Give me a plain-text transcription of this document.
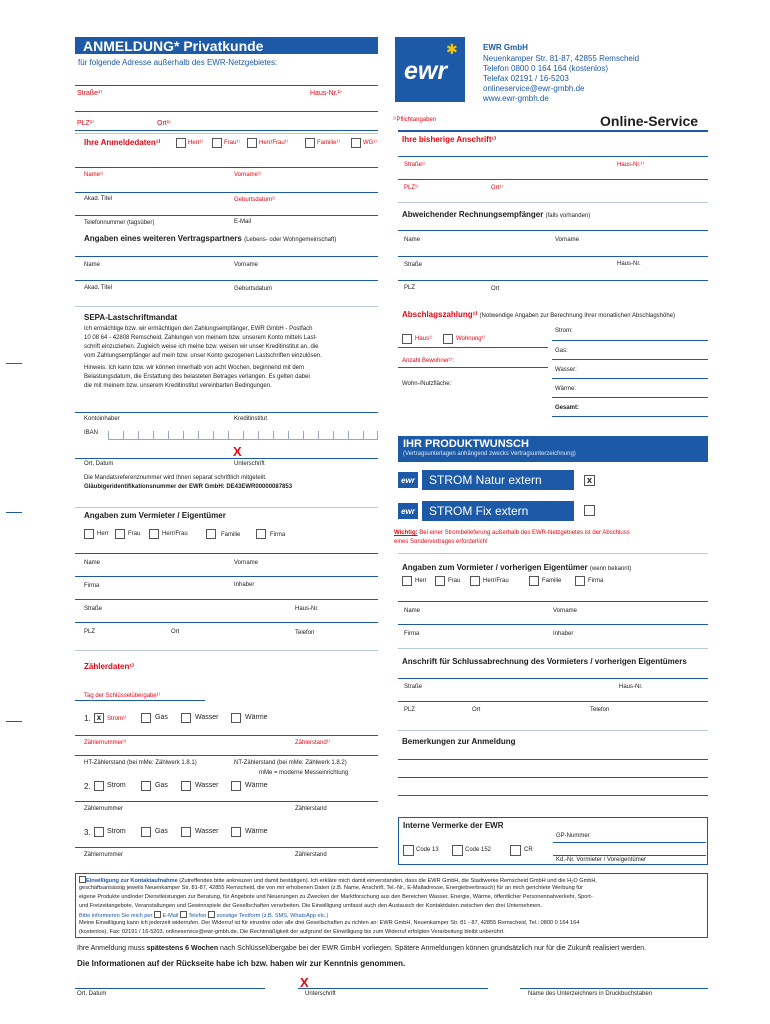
ANMELDUNG* Privatkunde
für folgende Adresse außerhalb des EWR-Netzgebietes:	ewr
✱	EWR GmbH
Neuenkamper Str. 81-87, 42855 Remscheid
Telefon 0800 0 164 164 (kostenlos)
Telefax 02191 / 16-5203
onlineservice@ewr-gmbh.de
www.ewr-gmbh.de
Straße¹⁾	Haus-Nr.¹⁾
PLZ¹⁾	Ort¹⁾	¹⁾Pflichtangaben	Online-Service
Ihre Anmeldedaten¹⁾	Herr¹⁾	Frau¹⁾	Herr/Frau¹⁾	Familie¹⁾	WG¹⁾
Name¹⁾	Vorname¹⁾
Akad. Titel	Geburtsdatum¹⁾
Telefonnummer (tagsüber)	E-Mail
Angaben eines weiteren Vertragspartners (Lebens- oder Wohngemeinschaft)
Name	Vorname
Akad. Titel	Geburtsdatum
Ihre bisherige Anschrift¹⁾
Straße¹⁾	Haus-Nr.¹⁾
PLZ¹⁾	Ort¹⁾
Abweichender Rechnungsempfänger (falls vorhanden)
Name	Vorname
Straße	Haus-Nr.
PLZ	Ort
SEPA-Lastschriftmandat
Ich ermächtige bzw. wir ermächtigen den Zahlungsempfänger, EWR GmbH - Postfach
10 08 64 - 42808 Remscheid, Zahlungen von meinem bzw. unserem Konto mittels Last-
schrift einzuziehen. Zugleich weise ich meine bzw. weisen wir unser Kreditinstitut an, die
vom Zahlungsempfänger auf mein bzw. unser Konto gezogenen Lastschriften einzulösen.
Hinweis: Ich kann bzw. wir können innerhalb von acht Wochen, beginnend mit dem
Belastungsdatum, die Erstattung des belasteten Betrages verlangen. Es gelten dabei
die mit meinem bzw. unserem Kreditinstitut vereinbarten Bedingungen.
Kontoinhaber	Kreditinstitut
IBAN
X
Ort, Datum	Unterschrift
Die Mandatsreferenznummer wird Ihnen separat schriftlich mitgeteilt.
Gläubigeridentifikationsnummer der EWR GmbH: DE43EWR00000087853
Abschlagszahlung¹⁾ (Notwendige Angaben zur Berechnung Ihrer monatlichen Abschlagshöhe)
Haus¹⁾	Wohnung¹⁾
Anzahl Bewohner¹⁾:
Wohn-/Nutzfläche:
Strom:
Gas:
Wasser:
Wärme:
Gesamt:
IHR PRODUKTWUNSCH
(Vertragsunterlagen anhängend zwecks Vertragsunterzeichnung)
ewr STROM Natur extern	x
ewr STROM Fix extern
Wichtig: Bei einer Strombelieferung außerhalb des EWR-Netzgebietes ist der Abschluss
eines Sondervertrages erforderlich!
Angaben zum Vermieter / Eigentümer
Herr	Frau	Herr/Frau	Familie	Firma
Name	Vorname
Firma	Inhaber
Straße	Haus-Nr.
PLZ	Ort	Telefon
Angaben zum Vormieter / vorherigen Eigentümer (wenn bekannt)
Herr	Frau	Herr/Frau	Familie	Firma
Name	Vorname
Firma	Inhaber
Anschrift für Schlussabrechnung des Vormieters / vorherigen Eigentümers
Straße	Haus-Nr.
PLZ	Ort	Telefon
Bemerkungen zur Anmeldung
Interne Vermerke der EWR
GP-Nummer
Code 13	Code 152	CR
Kd.-Nr. Vormieter / Voreigentümer
Zählerdaten¹⁾
Tag der Schlüsselübergabe¹⁾
1. x Strom¹⁾	Gas	Wasser	Wärme
Zählernummer¹⁾	Zählerstand¹⁾
HT-Zählerstand (bei mMe: Zählwerk 1.8.1)	NT-Zählerstand (bei mMe: Zählwerk 1.8.2)
mMe = moderne Messeinrichtung
2. Strom	Gas	Wasser	Wärme
Zählernummer	Zählerstand
3. Strom	Gas	Wasser	Wärme
Zählernummer	Zählerstand
Einwilligung zur Kontaktaufnahme (Zutreffendes bitte ankreuzen und damit bestätigen). Ich erkläre mich damit einverstanden, dass die EWR GmbH, die Stadtwerke Remscheid GmbH und die H₂O GmbH,
geschäftsansässig jeweils Neuenkamper Str. 81-87, 42855 Remscheid, die von mir erhobenen Daten (z.B. Name, Anschrift, Tel.-Nr., E-Mailadresse, Energiebverbrauch) für an mich gerichtete Werbung für
eigene Produkte und/oder Dienstleistungen zur Beratung, für Angebote und Neuerungen zu Zwecken der Marktforschung aus den Bereichen Wasser, Energie, Wärme, öffentlicher Personennahverkehr, Sport-
und Freizeitangebote, Veranstaltungen und Gewinnspiele der Gesellschaften verarbeiten. Die Einwilligung umfasst auch den Austausch der Kontaktdaten zwischen den drei Unternehmen.
Bitte informieren Sie mich per E-Mail Telefon sonstige Textform (z.B. SMS, WhatsApp etc.)
Meine Einwilligung kann ich jederzeit widerrufen. Der Widerruf ist für einzelne oder alle drei Gesellschaften zu richten an: EWR GmbH, Neuenkamper Str. 81 - 87, 42855 Remscheid, Tel.: 0800 0 164 164
(kostenlos), Fax: 02191 / 16-5203, onlineservice@ewr-gmbh.de. Die Rechtmäßigkeit der aufgrund der Einwilligung bis zum Widerruf erfolgten Verarbeitung bleibt unberührt.
Ihre Anmeldung muss spätestens 6 Wochen nach Schlüsselübergabe bei der EWR GmbH vorliegen. Spätere Anmeldungen können grundsätzlich nur für die Zukunft realisiert werden.
Die Informationen auf der Rückseite habe ich bzw. haben wir zur Kenntnis genommen.
X
Ort, Datum	Unterschrift	Name des Unterzeichners in Druckbuchstaben
